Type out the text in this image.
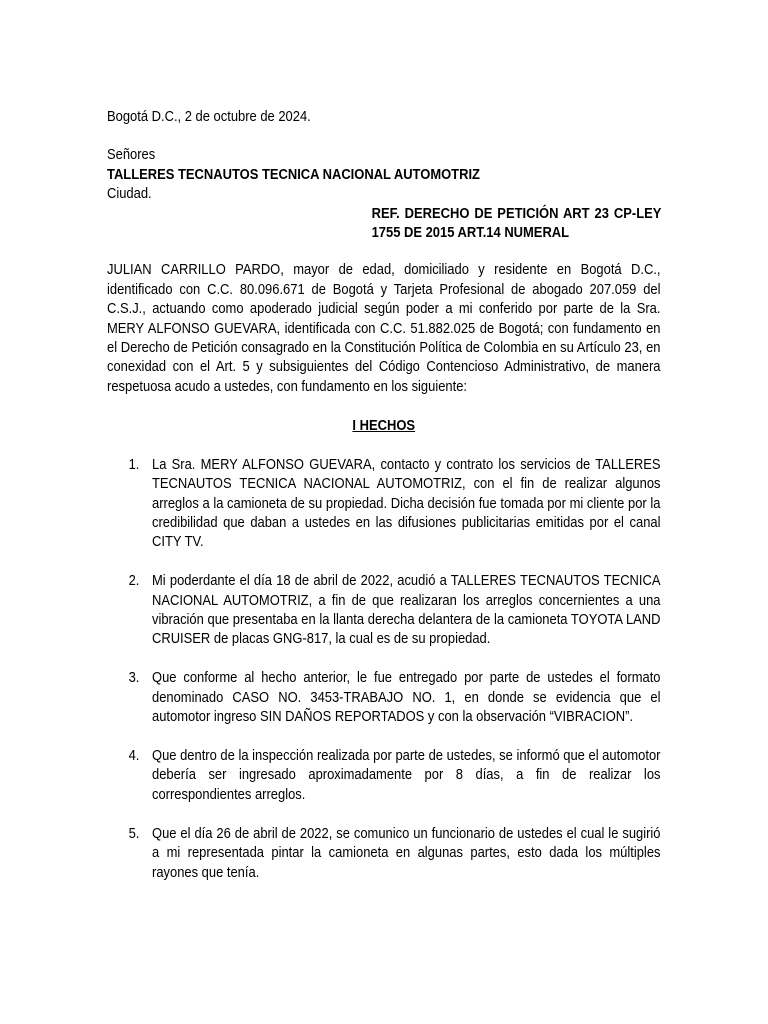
Bogotá D.C., 2 de octubre de 2024.

Señores

TALLERES TECNAUTOS TECNICA NACIONAL AUTOMOTRIZ

Ciudad.

REF. DERECHO DE PETICIÓN ART 23 CP-LEY 1755 DE 2015 ART.14 NUMERAL

JULIAN CARRILLO PARDO, mayor de edad, domiciliado y residente en Bogotá D.C., identificado con C.C. 80.096.671 de Bogotá y Tarjeta Profesional de abogado 207.059 del C.S.J., actuando como apoderado judicial según poder a mi conferido por parte de la Sra. MERY ALFONSO GUEVARA, identificada con C.C. 51.882.025 de Bogotá; con fundamento en el Derecho de Petición consagrado en la Constitución Política de Colombia en su Artículo 23, en conexidad con el Art. 5 y subsiguientes del Código Contencioso Administrativo, de manera respetuosa acudo a ustedes, con fundamento en los siguiente:

I HECHOS

1. La Sra. MERY ALFONSO GUEVARA, contacto y contrato los servicios de TALLERES TECNAUTOS TECNICA NACIONAL AUTOMOTRIZ, con el fin de realizar algunos arreglos a la camioneta de su propiedad. Dicha decisión fue tomada por mi cliente por la credibilidad que daban a ustedes en las difusiones publicitarias emitidas por el canal CITY TV.
2. Mi poderdante el día 18 de abril de 2022, acudió a TALLERES TECNAUTOS TECNICA NACIONAL AUTOMOTRIZ, a fin de que realizaran los arreglos concernientes a una vibración que presentaba en la llanta derecha delantera de la camioneta TOYOTA LAND CRUISER de placas GNG-817, la cual es de su propiedad.
3. Que conforme al hecho anterior, le fue entregado por parte de ustedes el formato denominado CASO NO. 3453-TRABAJO NO. 1, en donde se evidencia que el automotor ingreso SIN DAÑOS REPORTADOS y con la observación “VIBRACION”.
4. Que dentro de la inspección realizada por parte de ustedes, se informó que el automotor debería ser ingresado aproximadamente por 8 días, a fin de realizar los correspondientes arreglos.
5. Que el día 26 de abril de 2022, se comunico un funcionario de ustedes el cual le sugirió a mi representada pintar la camioneta en algunas partes, esto dada los múltiples rayones que tenía.
